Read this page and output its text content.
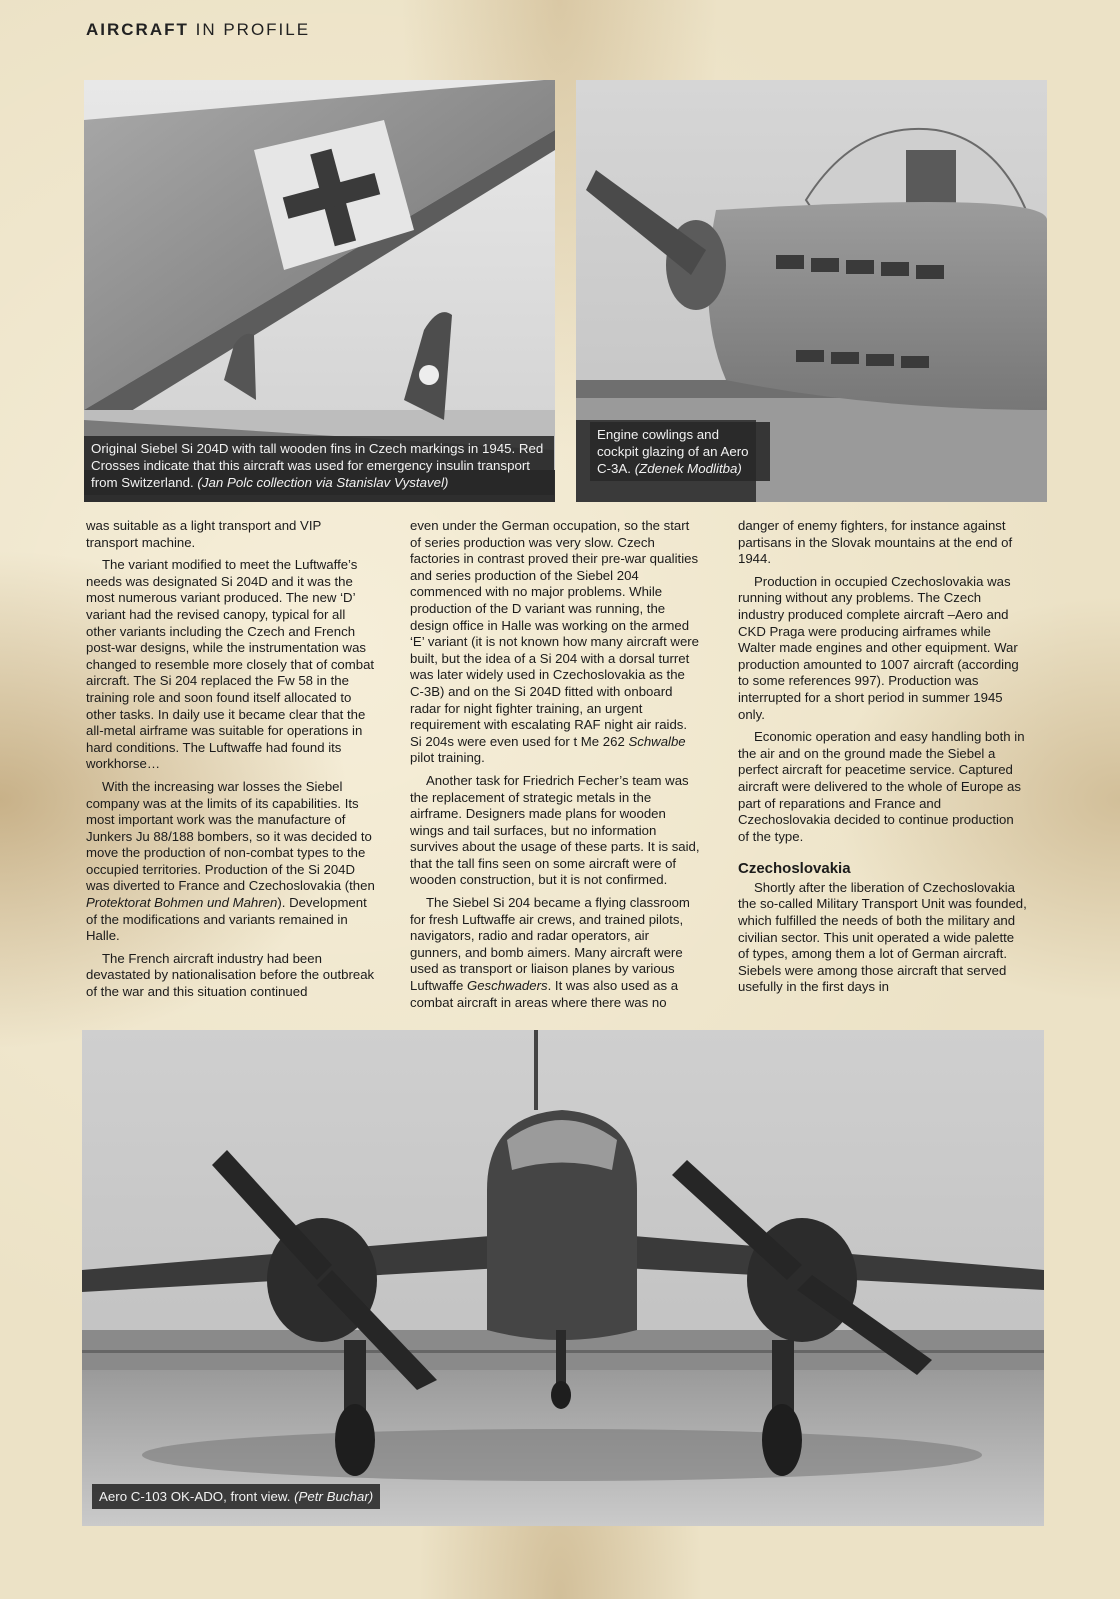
AIRCRAFT IN PROFILE
Original Siebel Si 204D with tall wooden fins in Czech markings in 1945. Red Crosses indicate that this aircraft was used for emergency insulin transport from Switzerland. (Jan Polc collection via Stanislav Vystavel)
Engine cowlings and cockpit glazing of an Aero C-3A. (Zdenek Modlitba)

was suitable as a light transport and VIP transport machine.

The variant modified to meet the Luftwaffe’s needs was designated Si 204D and it was the most numerous variant produced. The new ‘D’ variant had the revised canopy, typical for all other variants including the Czech and French post-war designs, while the instrumentation was changed to resemble more closely that of combat aircraft. The Si 204 replaced the Fw 58 in the training role and soon found itself allocated to other tasks. In daily use it became clear that the all-metal airframe was suitable for operations in hard conditions. The Luftwaffe had found its workhorse…

With the increasing war losses the Siebel company was at the limits of its capabilities. Its most important work was the manufacture of Junkers Ju 88/188 bombers, so it was decided to move the production of non-combat types to the occupied territories. Production of the Si 204D was diverted to France and Czechoslovakia (then Protektorat Bohmen und Mahren). Development of the modifications and variants remained in Halle.

The French aircraft industry had been devastated by nationalisation before the outbreak of the war and this situation continued

even under the German occupation, so the start of series production was very slow. Czech factories in contrast proved their pre-war qualities and series production of the Siebel 204 commenced with no major problems. While production of the D variant was running, the design office in Halle was working on the armed ‘E’ variant (it is not known how many aircraft were built, but the idea of a Si 204 with a dorsal turret was later widely used in Czechoslovakia as the C-3B) and on the Si 204D fitted with onboard radar for night fighter training, an urgent requirement with escalating RAF night air raids. Si 204s were even used for t Me 262 Schwalbe pilot training.

Another task for Friedrich Fecher’s team was the replacement of strategic metals in the airframe. Designers made plans for wooden wings and tail surfaces, but no information survives about the usage of these parts. It is said, that the tall fins seen on some aircraft were of wooden construction, but it is not confirmed.

The Siebel Si 204 became a flying classroom for fresh Luftwaffe air crews, and trained pilots, navigators, radio and radar operators, air gunners, and bomb aimers. Many aircraft were used as transport or liaison planes by various Luftwaffe Geschwaders. It was also used as a combat aircraft in areas where there was no

danger of enemy fighters, for instance against partisans in the Slovak mountains at the end of 1944.

Production in occupied Czechoslovakia was running without any problems. The Czech industry produced complete aircraft –Aero and CKD Praga were producing airframes while Walter made engines and other equipment. War production amounted to 1007 aircraft (according to some references 997). Production was interrupted for a short period in summer 1945 only.

Economic operation and easy handling both in the air and on the ground made the Siebel a perfect aircraft for peacetime service. Captured aircraft were delivered to the whole of Europe as part of reparations and France and Czechoslovakia decided to continue production of the type.

Czechoslovakia

Shortly after the liberation of Czechoslovakia the so-called Military Transport Unit was founded, which fulfilled the needs of both the military and civilian sector. This unit operated a wide palette of types, among them a lot of German aircraft. Siebels were among those aircraft that served usefully in the first days in

Aero C-103 OK-ADO, front view. (Petr Buchar)
